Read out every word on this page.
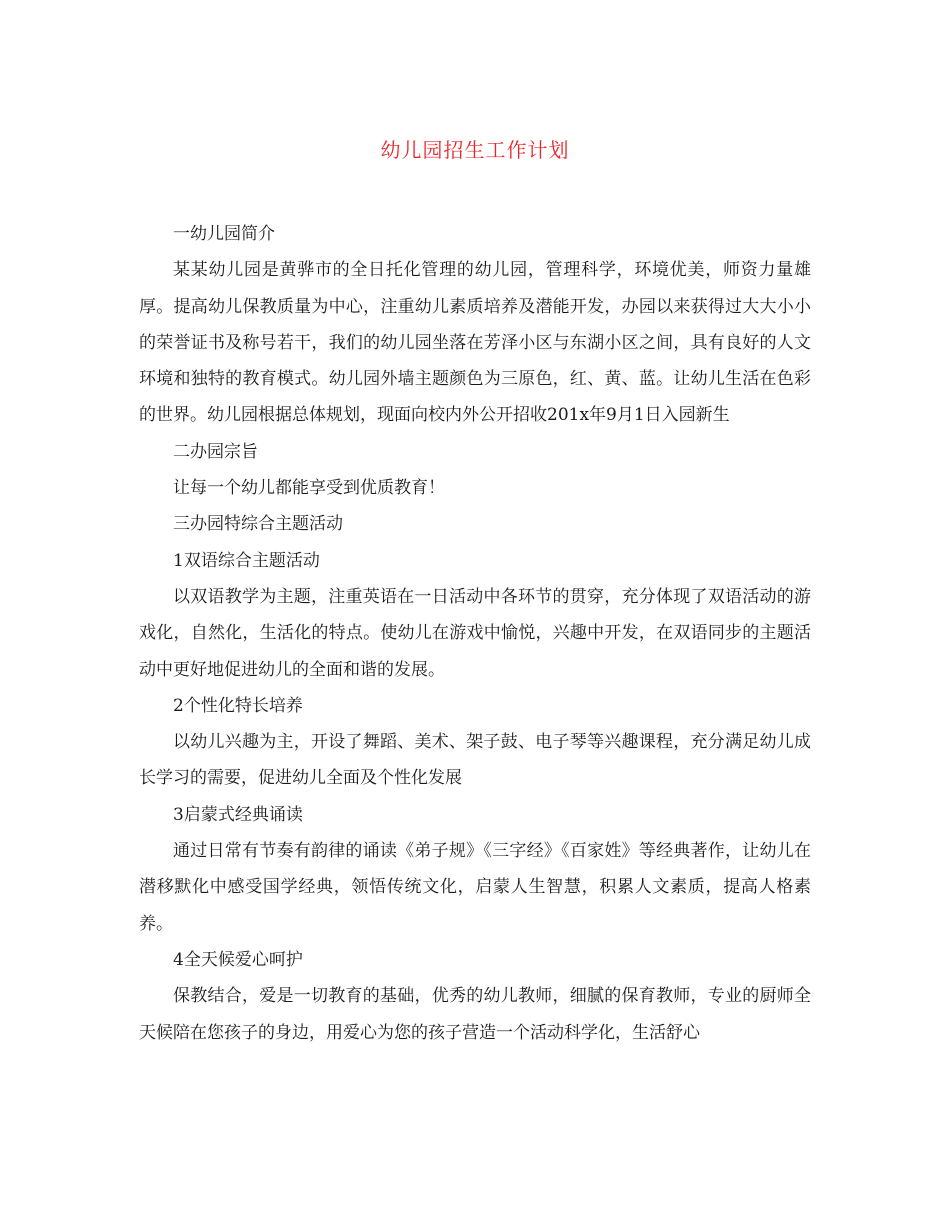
幼儿园招生工作计划

一幼儿园简介

某某幼儿园是黄骅市的全日托化管理的幼儿园，管理科学，环境优美，师资力量雄厚。提高幼儿保教质量为中心，注重幼儿素质培养及潜能开发，办园以来获得过大大小小的荣誉证书及称号若干，我们的幼儿园坐落在芳泽小区与东湖小区之间，具有良好的人文环境和独特的教育模式。幼儿园外墙主题颜色为三原色，红、黄、蓝。让幼儿生活在色彩的世界。幼儿园根据总体规划，现面向校内外公开招收201x年9月1日入园新生

二办园宗旨

让每一个幼儿都能享受到优质教育！

三办园特综合主题活动

1双语综合主题活动

以双语教学为主题，注重英语在一日活动中各环节的贯穿，充分体现了双语活动的游戏化，自然化，生活化的特点。使幼儿在游戏中愉悦，兴趣中开发，在双语同步的主题活动中更好地促进幼儿的全面和谐的发展。

2个性化特长培养

以幼儿兴趣为主，开设了舞蹈、美术、架子鼓、电子琴等兴趣课程，充分满足幼儿成长学习的需要，促进幼儿全面及个性化发展

3启蒙式经典诵读

通过日常有节奏有韵律的诵读《弟子规》《三字经》《百家姓》等经典著作，让幼儿在潜移默化中感受国学经典，领悟传统文化，启蒙人生智慧，积累人文素质，提高人格素养。

4全天候爱心呵护

保教结合，爱是一切教育的基础，优秀的幼儿教师，细腻的保育教师，专业的厨师全天候陪在您孩子的身边，用爱心为您的孩子营造一个活动科学化，生活舒心
